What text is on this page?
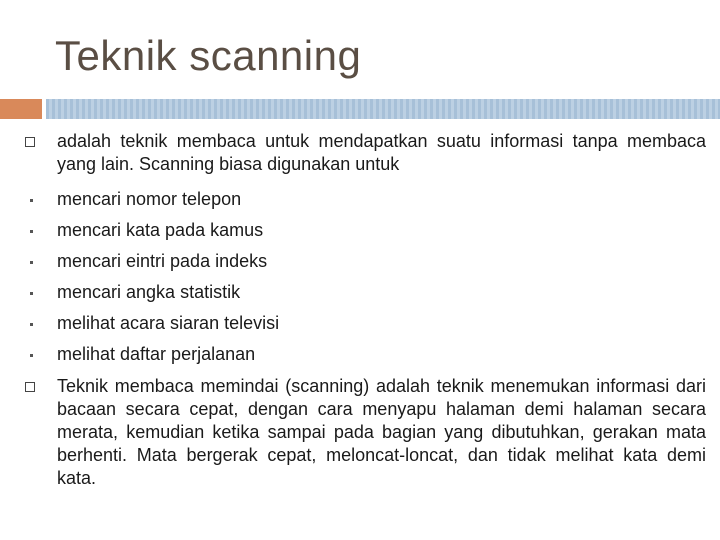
Teknik scanning
adalah teknik membaca untuk mendapatkan suatu informasi tanpa membaca yang lain. Scanning biasa digunakan untuk
mencari nomor telepon
mencari kata pada kamus
mencari eintri pada indeks
mencari angka statistik
melihat acara siaran televisi
melihat daftar perjalanan
Teknik membaca memindai (scanning) adalah teknik menemukan informasi dari bacaan secara cepat, dengan cara menyapu halaman demi halaman secara merata, kemudian ketika sampai pada bagian yang dibutuhkan, gerakan mata berhenti. Mata bergerak cepat, meloncat-loncat, dan tidak melihat kata demi kata.
